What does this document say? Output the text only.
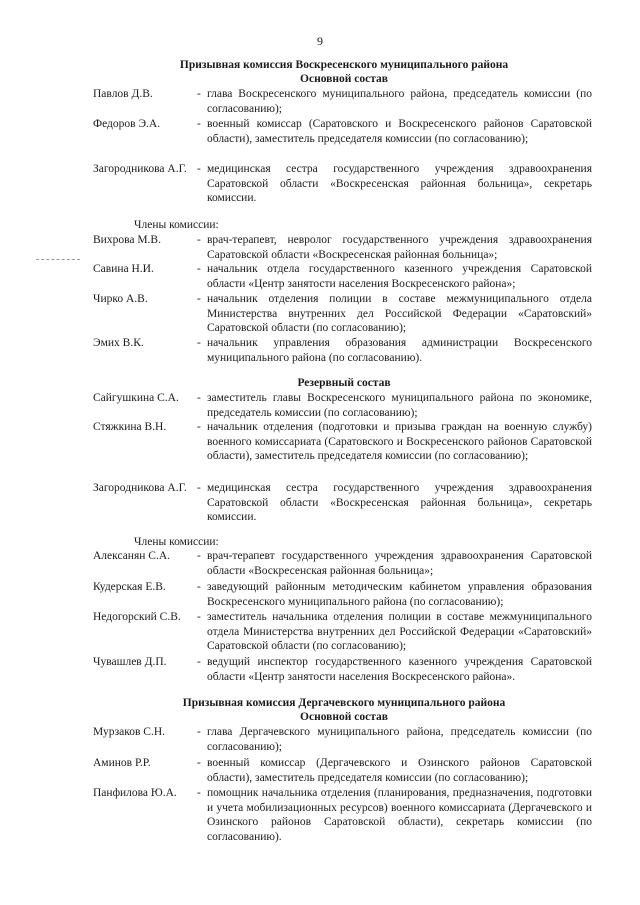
9
Призывная комиссия Воскресенского муниципального района
Основной состав
Павлов Д.В.	- глава Воскресенского муниципального района, председатель комиссии (по согласованию);
Федоров Э.А.	- военный комиссар (Саратовского и Воскресенского районов Саратовской области), заместитель председателя комиссии (по согласованию);
Загородникова А.Г. - медицинская сестра государственного учреждения здравоохранения Саратовской области «Воскресенская районная больница», секретарь комиссии.
Члены комиссии:
Вихрова М.В.	- врач-терапевт, невролог государственного учреждения здравоохранения Саратовской области «Воскресенская районная больница»;
Савина Н.И.	- начальник отдела государственного казенного учреждения Саратовской области «Центр занятости населения Воскресенского района»;
Чирко А.В.	- начальник отделения полиции в составе межмуниципального отдела Министерства внутренних дел Российской Федерации «Саратовский» Саратовской области (по согласованию);
Эмих В.К.	- начальник управления образования администрации Воскресенского муниципального района (по согласованию).
Резервный состав
Сайгушкина С.А. - заместитель главы Воскресенского муниципального района по экономике, председатель комиссии (по согласованию);
Стяжкина В.Н.	- начальник отделения (подготовки и призыва граждан на военную службу) военного комиссариата (Саратовского и Воскресенского районов Саратовской области), заместитель председателя комиссии (по согласованию);
Загородникова А.Г. - медицинская сестра государственного учреждения здравоохранения Саратовской области «Воскресенская районная больница», секретарь комиссии.
Члены комиссии:
Алексанян С.А. - врач-терапевт государственного учреждения здравоохранения Саратовской области «Воскресенская районная больница»;
Кудерская Е.В.	- заведующий районным методическим кабинетом управления образования Воскресенского муниципального района (по согласованию);
Недогорский С.В. - заместитель начальника отделения полиции в составе межмуниципального отдела Министерства внутренних дел Российской Федерации «Саратовский» Саратовской области (по согласованию);
Чувашлев Д.П.	- ведущий инспектор государственного казенного учреждения Саратовской области «Центр занятости населения Воскресенского района».
Призывная комиссия Дергачевского муниципального района
Основной состав
Мурзаков С.Н.	- глава Дергачевского муниципального района, председатель комиссии (по согласованию);
Аминов Р.Р.	- военный комиссар (Дергачевского и Озинского районов Саратовской области), заместитель председателя комиссии (по согласованию);
Панфилова Ю.А. - помощник начальника отделения (планирования, предназначения, подготовки и учета мобилизационных ресурсов) военного комиссариата (Дергачевского и Озинского районов Саратовской области), секретарь комиссии (по согласованию).
